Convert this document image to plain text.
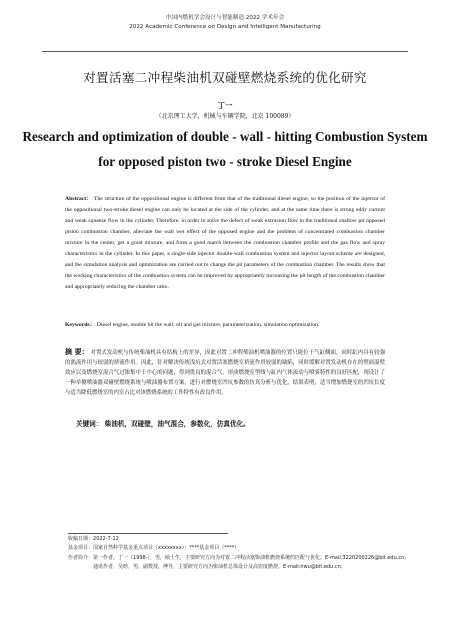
中国内燃机学会设计与智能制造 2022 学术年会
2022 Academic Conference on Design and Intelligent Manufacturing
对置活塞二冲程柴油机双碰壁燃烧系统的优化研究
丁一
（北京理工大学，机械与车辆学院，北京 100089）
Research and optimization of double - wall - hitting Combustion System for opposed piston two - stroke Diesel Engine
Abstract： The structure of the oppositional engine is different from that of the traditional diesel engine, so the position of the injector of the oppositional two-stroke diesel engine can only be located at the side of the cylinder, and at the same time there is strong eddy current and weak squeeze flow in the cylinder. Therefore, in order to solve the defect of weak extrusion flow in the traditional shallow pit opposed piston combustion chamber, alleviate the wall wet effect of the opposed engine and the problem of concentrated combustion chamber mixture in the center, get a good mixture, and form a good match between the combustion chamber profile and the gas flow and spray characteristics in the cylinder. In this paper, a single-side injector double-wall combustion system and injector layout scheme are designed, and the simulation analysis and optimization are carried out to change the pit parameters of the combustion chamber. The results show that the working characteristics of the combustion system can be improved by appropriately increasing the pit length of the combustion chamber and appropriately reducing the chamber ratio.
Keywords： Diesel engine, double hit the wall, oil and gas mixture, parameterization, simulation optimization.
摘 要： 对置式发动机与传统柴油机具有结构上的差异，因此对置二冲程柴油机喷油器的位置只能位于气缸侧面，同时缸内具有较强的涡流作用与较弱的挤流作用。因此，针对解决传统浅坑式对置活塞燃烧室挤流作用较弱的缺陷，同时缓解对置发动机存在的壁面湿壁效应以及燃烧室混合气过浓集中于中心的问题，得到优良的混合气，形成燃烧室型线与缸内气体流动与喷雾特性的良好匹配，现设计了一种单侧喷油器双碰壁燃烧系统与喷油器布置方案，进行对燃烧室凹坑参数的仿真分析与优化，结果表明，适当增加燃烧室的凹坑长度与适当降低燃烧室的内室占比对该燃烧系统的工作特性有改良作用。
关键词： 柴油机，双碰壁，油气混合，参数化，仿真优化。
收稿日期： 2022-7-12
基金项目： 国家自然科学基金重点项目（xxxxxxxx）；****基金项目（****）
作者简介： 第一作者，丁一（1998-），男，硕士生，主要研究方向为对置二冲程活塞柴油机燃烧系统的匹配与优化。E-mail:3220200226@bit.edu.cn;
通讯作者，吴晗，男，副教授，博导，主要研究方向为柴油机总体设计及高密度燃烧。E-mail:hwu@bit.edu.cn;
